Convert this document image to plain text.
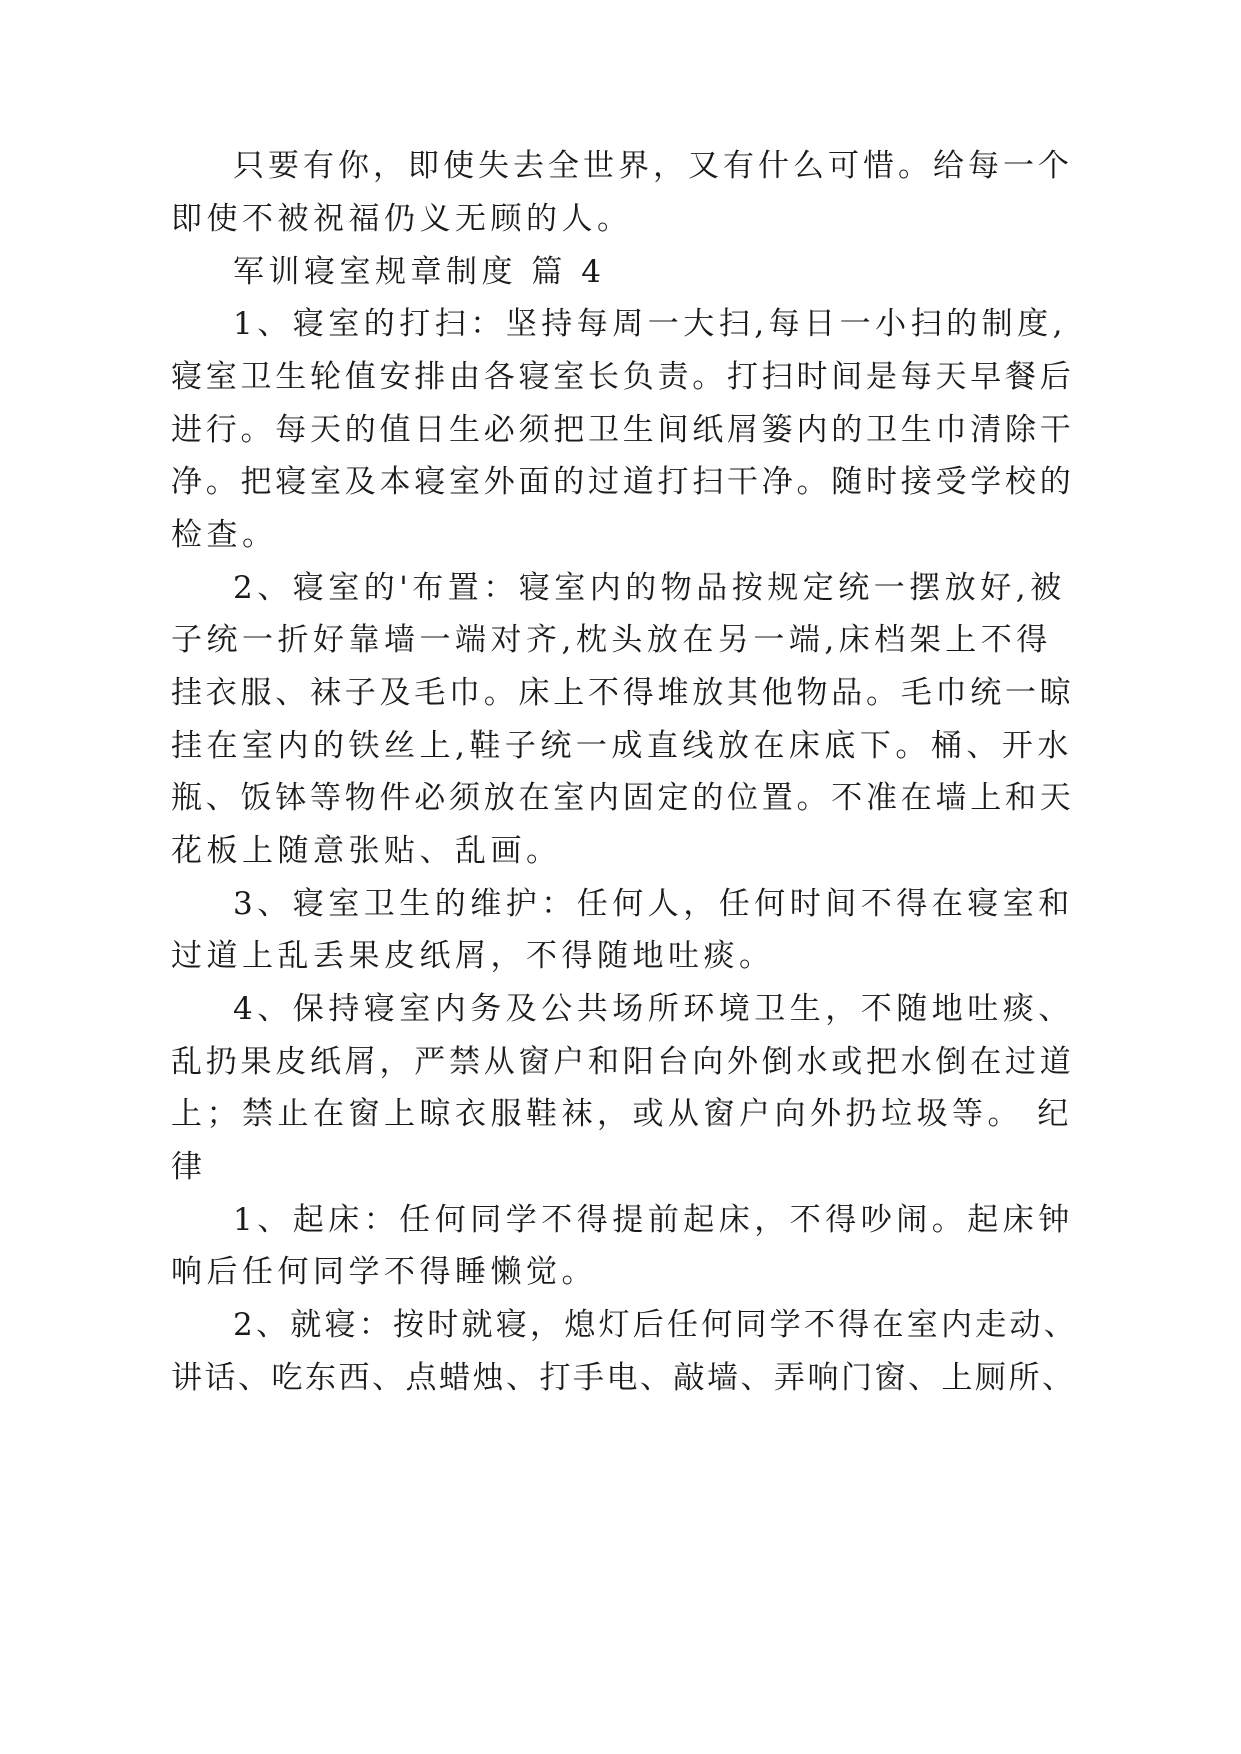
只要有你，即使失去全世界，又有什么可惜。给每一个
即使不被祝福仍义无顾的人。
军训寝室规章制度 篇 4
1、寝室的打扫：坚持每周一大扫,每日一小扫的制度,
寝室卫生轮值安排由各寝室长负责。打扫时间是每天早餐后
进行。每天的值日生必须把卫生间纸屑篓内的卫生巾清除干
净。把寝室及本寝室外面的过道打扫干净。随时接受学校的
检查。
2、寝室的'布置：寝室内的物品按规定统一摆放好,被
子统一折好靠墙一端对齐,枕头放在另一端,床档架上不得
挂衣服、袜子及毛巾。床上不得堆放其他物品。毛巾统一晾
挂在室内的铁丝上,鞋子统一成直线放在床底下。桶、开水
瓶、饭钵等物件必须放在室内固定的位置。不准在墙上和天
花板上随意张贴、乱画。
3、寝室卫生的维护：任何人，任何时间不得在寝室和
过道上乱丢果皮纸屑，不得随地吐痰。
4、保持寝室内务及公共场所环境卫生，不随地吐痰、
乱扔果皮纸屑，严禁从窗户和阳台向外倒水或把水倒在过道
上；禁止在窗上晾衣服鞋袜，或从窗户向外扔垃圾等。 纪
律
1、起床：任何同学不得提前起床，不得吵闹。起床钟
响后任何同学不得睡懒觉。
2、就寝：按时就寝，熄灯后任何同学不得在室内走动、
讲话、吃东西、点蜡烛、打手电、敲墙、弄响门窗、上厕所、
